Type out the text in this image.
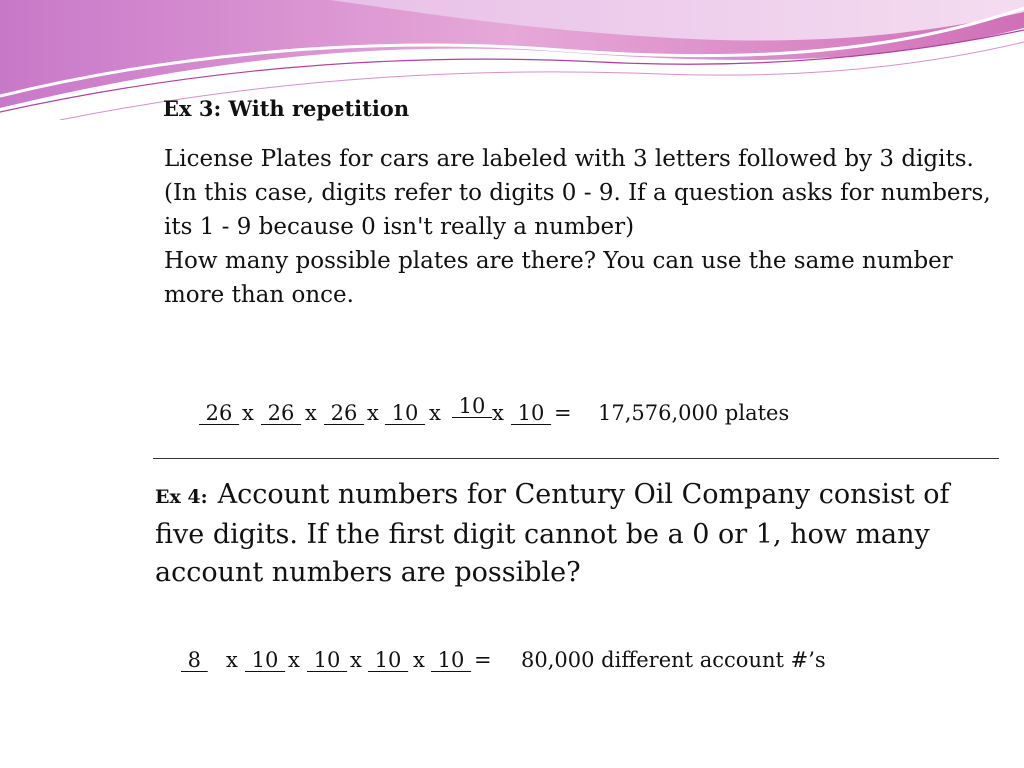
Ex 3: With repetition
License Plates for cars are labeled with 3 letters followed by 3 digits.
(In this case, digits refer to digits 0 - 9. If a question asks for numbers,
its 1 - 9 because 0 isn't really a number)
How many possible plates are there? You can use the same number
more than once.
26 x 26 x 26 x 10 x 10 x 10 = 17,576,000 plates
Ex 4: Account numbers for Century Oil Company consist of
five digits. If the first digit cannot be a 0 or 1, how many
account numbers are possible?
8 x 10 x 10 x 10 x 10 = 80,000 different account #’s
